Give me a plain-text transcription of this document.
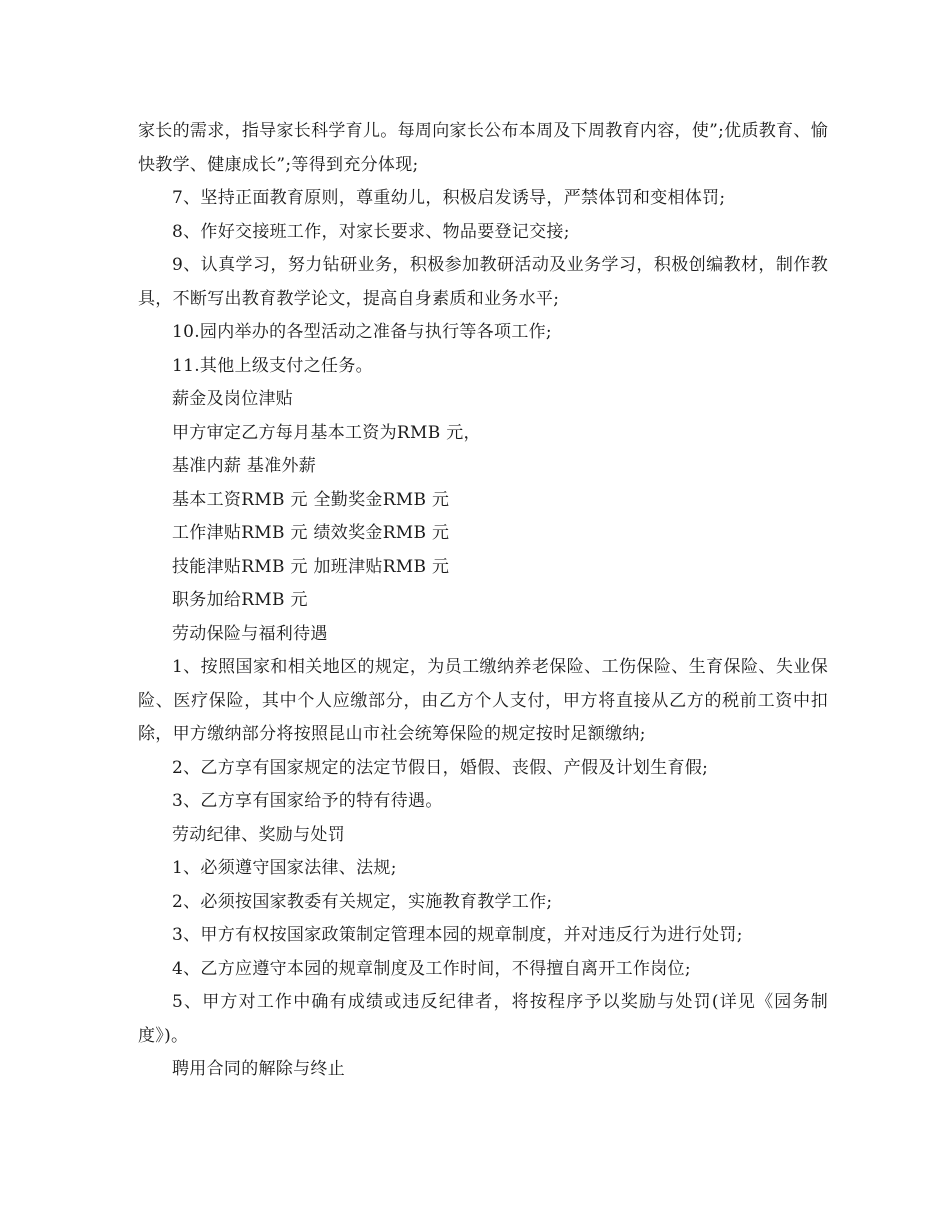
家长的需求，指导家长科学育儿。每周向家长公布本周及下周教育内容，使”;优质教育、愉快教学、健康成长”;等得到充分体现;

7、坚持正面教育原则，尊重幼儿，积极启发诱导，严禁体罚和变相体罚;

8、作好交接班工作，对家长要求、物品要登记交接;

9、认真学习，努力钻研业务，积极参加教研活动及业务学习，积极创编教材，制作教具，不断写出教育教学论文，提高自身素质和业务水平;

10.园内举办的各型活动之准备与执行等各项工作;

11.其他上级支付之任务。

薪金及岗位津贴

甲方审定乙方每月基本工资为RMB 元，

基准内薪 基准外薪

基本工资RMB 元 全勤奖金RMB 元

工作津贴RMB 元 绩效奖金RMB 元

技能津贴RMB 元 加班津贴RMB 元

职务加给RMB 元

劳动保险与福利待遇

1、按照国家和相关地区的规定，为员工缴纳养老保险、工伤保险、生育保险、失业保险、医疗保险，其中个人应缴部分，由乙方个人支付，甲方将直接从乙方的税前工资中扣除，甲方缴纳部分将按照昆山市社会统筹保险的规定按时足额缴纳;

2、乙方享有国家规定的法定节假日，婚假、丧假、产假及计划生育假;

3、乙方享有国家给予的特有待遇。

劳动纪律、奖励与处罚

1、必须遵守国家法律、法规;

2、必须按国家教委有关规定，实施教育教学工作;

3、甲方有权按国家政策制定管理本园的规章制度，并对违反行为进行处罚;

4、乙方应遵守本园的规章制度及工作时间，不得擅自离开工作岗位;

5、甲方对工作中确有成绩或违反纪律者，将按程序予以奖励与处罚(详见《园务制度》)。

聘用合同的解除与终止
